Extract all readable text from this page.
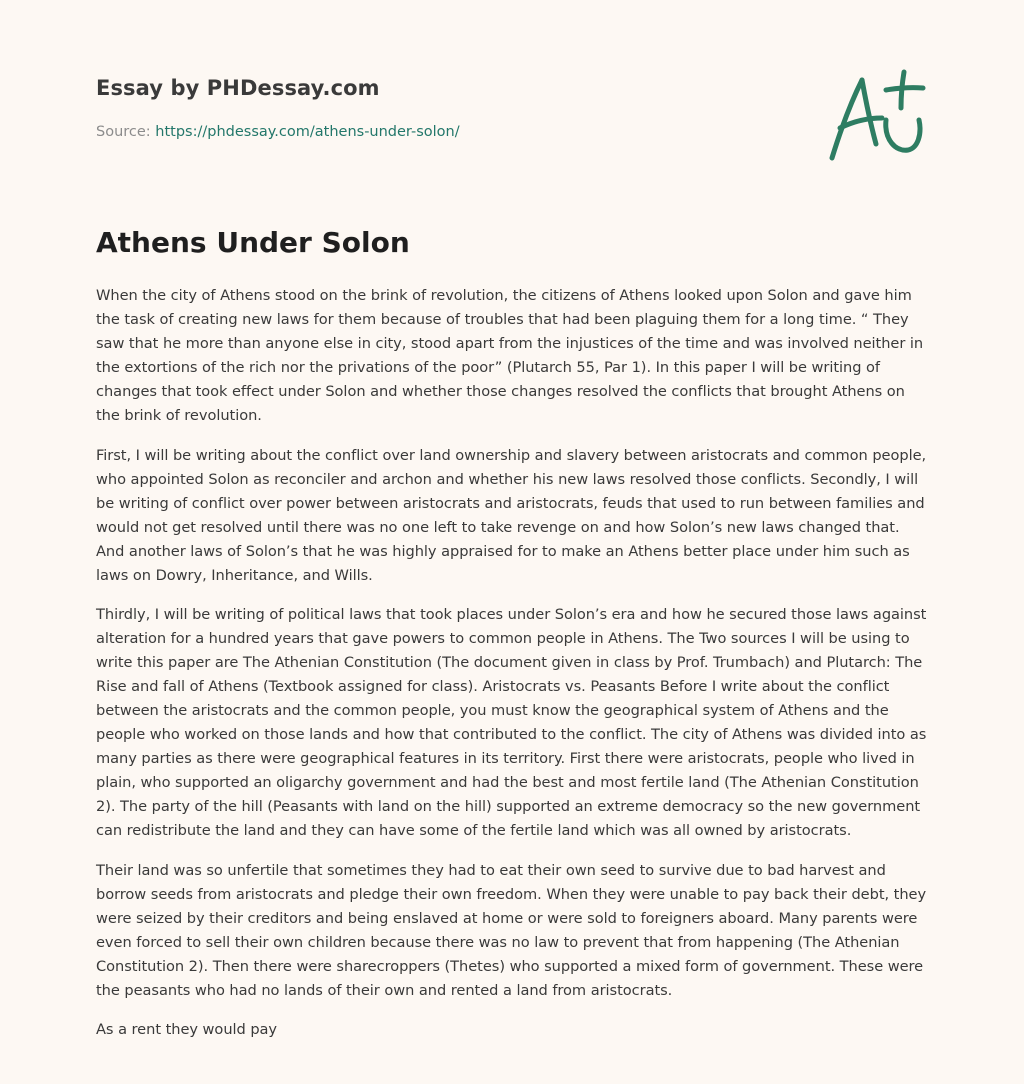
Essay by PHDessay.com

Source: https://phdessay.com/athens-under-solon/

Athens Under Solon

When the city of Athens stood on the brink of revolution, the citizens of Athens looked upon Solon and gave him the task of creating new laws for them because of troubles that had been plaguing them for a long time. “ They saw that he more than anyone else in city, stood apart from the injustices of the time and was involved neither in the extortions of the rich nor the privations of the poor” (Plutarch 55, Par 1). In this paper I will be writing of changes that took effect under Solon and whether those changes resolved the conflicts that brought Athens on the brink of revolution.

First, I will be writing about the conflict over land ownership and slavery between aristocrats and common people, who appointed Solon as reconciler and archon and whether his new laws resolved those conflicts. Secondly, I will be writing of conflict over power between aristocrats and aristocrats, feuds that used to run between families and would not get resolved until there was no one left to take revenge on and how Solon’s new laws changed that. And another laws of Solon’s that he was highly appraised for to make an Athens better place under him such as laws on Dowry, Inheritance, and Wills.

Thirdly, I will be writing of political laws that took places under Solon’s era and how he secured those laws against alteration for a hundred years that gave powers to common people in Athens. The Two sources I will be using to write this paper are The Athenian Constitution (The document given in class by Prof. Trumbach) and Plutarch: The Rise and fall of Athens (Textbook assigned for class). Aristocrats vs. Peasants Before I write about the conflict between the aristocrats and the common people, you must know the geographical system of Athens and the people who worked on those lands and how that contributed to the conflict. The city of Athens was divided into as many parties as there were geographical features in its territory. First there were aristocrats, people who lived in plain, who supported an oligarchy government and had the best and most fertile land (The Athenian Constitution 2). The party of the hill (Peasants with land on the hill) supported an extreme democracy so the new government can redistribute the land and they can have some of the fertile land which was all owned by aristocrats.

Their land was so unfertile that sometimes they had to eat their own seed to survive due to bad harvest and borrow seeds from aristocrats and pledge their own freedom. When they were unable to pay back their debt, they were seized by their creditors and being enslaved at home or were sold to foreigners aboard. Many parents were even forced to sell their own children because there was no law to prevent that from happening (The Athenian Constitution 2). Then there were sharecroppers (Thetes) who supported a mixed form of government. These were the peasants who had no lands of their own and rented a land from aristocrats.

As a rent they would pay
